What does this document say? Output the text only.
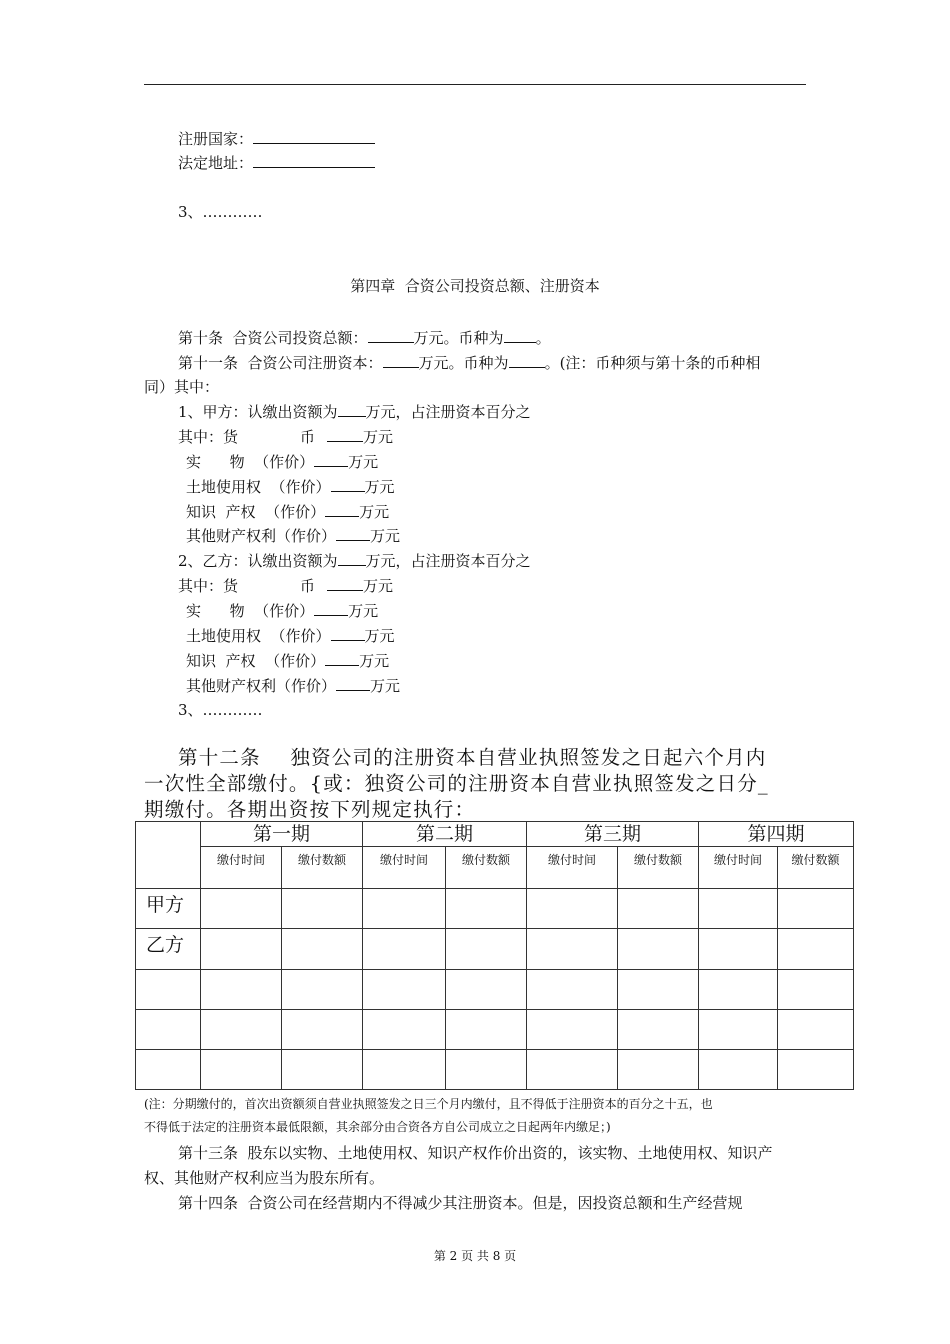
注册国家：
法定地址：
3、…………
第四章  合资公司投资总额、注册资本
第十条  合资公司投资总额：	万元。币种为 。
第十一条  合资公司注册资本： 万元。币种为 。(注：币种须与第十条的币种相
同）其中：
1、甲方：认缴出资额为 万元，占注册资本百分之
其中：货	币	万元
实      物  （作价） 万元
土地使用权  （作价） 万元
知识  产权  （作价） 万元
其他财产权利（作价） 万元
2、乙方：认缴出资额为 万元，占注册资本百分之
其中：货	币	万元
实      物  （作价） 万元
土地使用权  （作价） 万元
知识  产权  （作价） 万元
其他财产权利（作价） 万元
3、…………
第十二条    独资公司的注册资本自营业执照签发之日起六个月内
一次性全部缴付。{或：独资公司的注册资本自营业执照签发之日分_
期缴付。各期出资按下列规定执行：
	第一期		第二期		第三期		第四期	
	缴付时间	缴付数额	缴付时间	缴付数额	缴付时间	缴付数额	缴付时间	缴付数额
甲方								
乙方								

(注：分期缴付的，首次出资额须自营业执照签发之日三个月内缴付，且不得低于注册资本的百分之十五，也
不得低于法定的注册资本最低限额，其余部分由合资各方自公司成立之日起两年内缴足；)
第十三条  股东以实物、土地使用权、知识产权作价出资的，该实物、土地使用权、知识产
权、其他财产权利应当为股东所有。
第十四条  合资公司在经营期内不得减少其注册资本。但是，因投资总额和生产经营规
第 2 页 共 8 页
